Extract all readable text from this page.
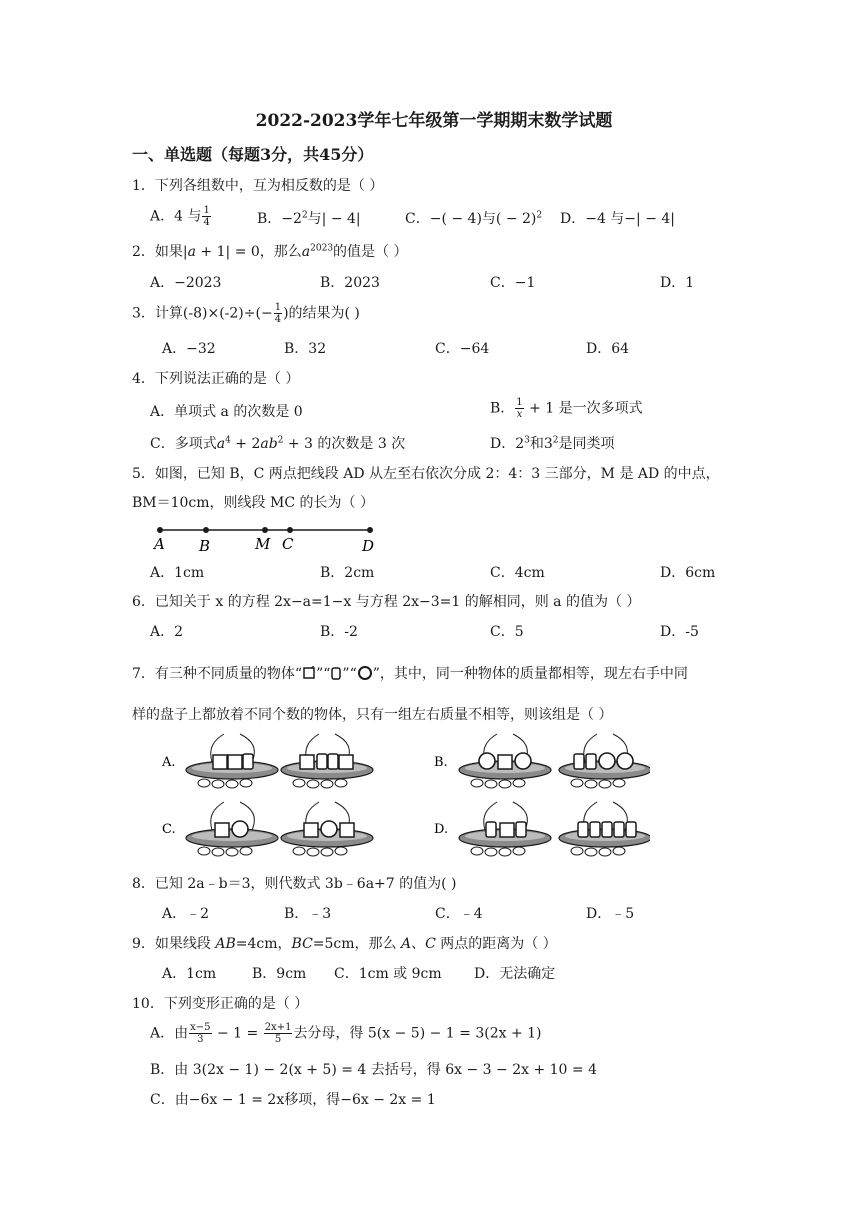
2022-2023学年七年级第一学期期末数学试题
一、单选题（每题3分，共45分）
1．下列各组数中，互为相反数的是（ ）
A．4 与 $\frac{1}{4}$	B．$-2^2$与| − 4|	C．−( − 4)与( − 2)$^2$ D．−4 与−| − 4|
2．如果|a + 1| = 0，那么$a^{2023}$的值是（ ）
A．−2023	B．2023	C．−1	D．1
3．计算$(-8)\times(-2)\div(- \frac{1}{4}$ )的结果为( )
A．−32	B．32	C．−64	D．64
4．下列说法正确的是（ ）
A．单项式 a 的次数是 0	B． $\frac{1}{x} + 1$ 是一次多项式
C．多项式$a^4 + 2ab^2 + 3$ 的次数是 3 次	D．$2^3$和$3^2$是同类项
5．如图，已知 B，C 两点把线段 AD 从左至右依次分成 2：4：3 三部分，M 是 AD 的中点，
BM＝10cm，则线段 MC 的长为（ ）
A B	M C	D
A．1cm	B．2cm	C．4cm	D．6cm
6．已知关于 x 的方程 2x−a=1−x 与方程 2x−3=1 的解相同，则 a 的值为（ ）
A．2	B．-2	C．5	D．-5
7．有三种不同质量的物体“ ”“ ”“ ”，其中，同一种物体的质量都相等，现左右手中同
样的盘子上都放着不同个数的物体，只有一组左右质量不相等，则该组是（ ）
A.	B.
C.	D.
8．已知 2a﹣b＝3，则代数式 3b﹣6a+7 的值为( )
A．﹣2	B．﹣3	C．﹣4	D．﹣5
9．如果线段 AB=4cm，BC=5cm，那么 A、C 两点的距离为（ ）
A．1cm	B．9cm C．1cm 或 9cm D．无法确定
10．下列变形正确的是（ ）
A．由 $\frac{x-5}{3} - 1 = \frac{2x+1}{5}$ 去分母，得 5(x − 5) − 1 = 3(2x + 1)
B．由 3(2x − 1) − 2(x + 5) = 4 去括号，得 6x − 3 − 2x + 10 = 4
C．由−6x − 1 = 2x移项，得−6x − 2x = 1
